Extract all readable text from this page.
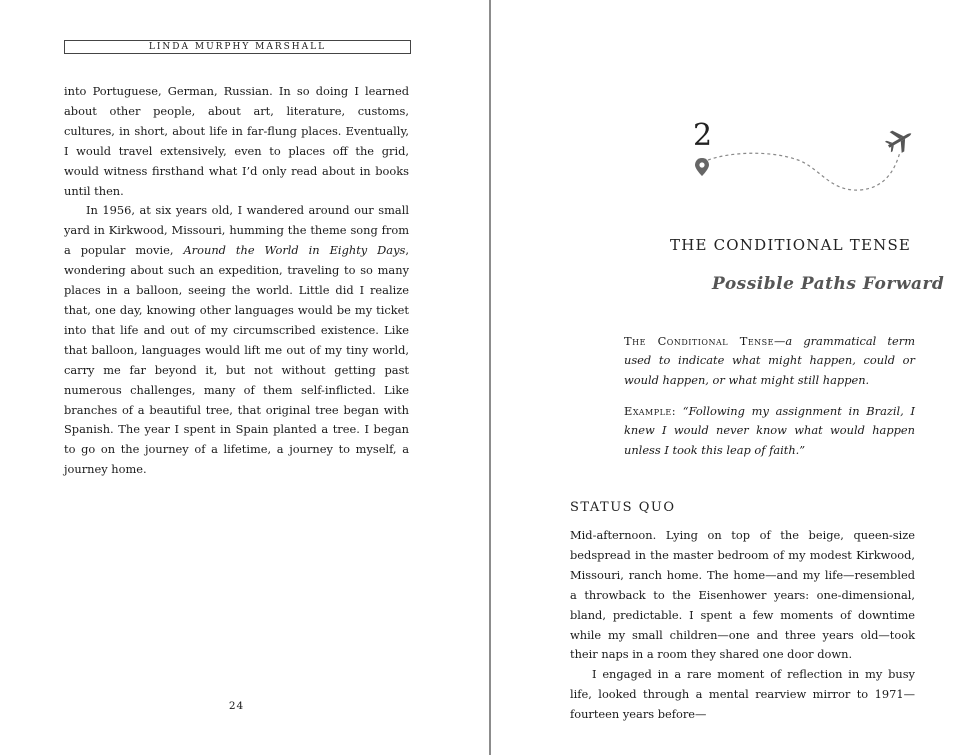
LINDA MURPHY MARSHALL

into Portuguese, German, Russian. In so doing I learned about other people, about art, literature, customs, cultures, in short, about life in far-flung places. Eventually, I would travel extensively, even to places off the grid, would witness firsthand what I’d only read about in books until then.

In 1956, at six years old, I wandered around our small yard in Kirkwood, Missouri, humming the theme song from a popular movie, Around the World in Eighty Days, wondering about such an expedition, traveling to so many places in a balloon, seeing the world. Little did I realize that, one day, knowing other languages would be my ticket into that life and out of my circumscribed existence. Like that balloon, languages would lift me out of my tiny world, carry me far beyond it, but not without getting past numerous challenges, many of them self-inflicted. Like branches of a beautiful tree, that original tree began with Spanish. The year I spent in Spain planted a tree. I began to go on the journey of a lifetime, a journey to myself, a journey home.

24
2
THE CONDITIONAL TENSE
Possible Paths Forward
The Conditional Tense—a grammatical term used to indicate what might happen, could or would happen, or what might still happen.
Example: “Following my assignment in Brazil, I knew I would never know what would happen unless I took this leap of faith.”
STATUS QUO

Mid-afternoon. Lying on top of the beige, queen-size bedspread in the master bedroom of my modest Kirkwood, Missouri, ranch home. The home—and my life—resembled a throwback to the Eisenhower years: one-dimensional, bland, predictable. I spent a few moments of downtime while my small children—one and three years old—took their naps in a room they shared one door down.

I engaged in a rare moment of reflection in my busy life, looked through a mental rearview mirror to 1971—fourteen years before—
